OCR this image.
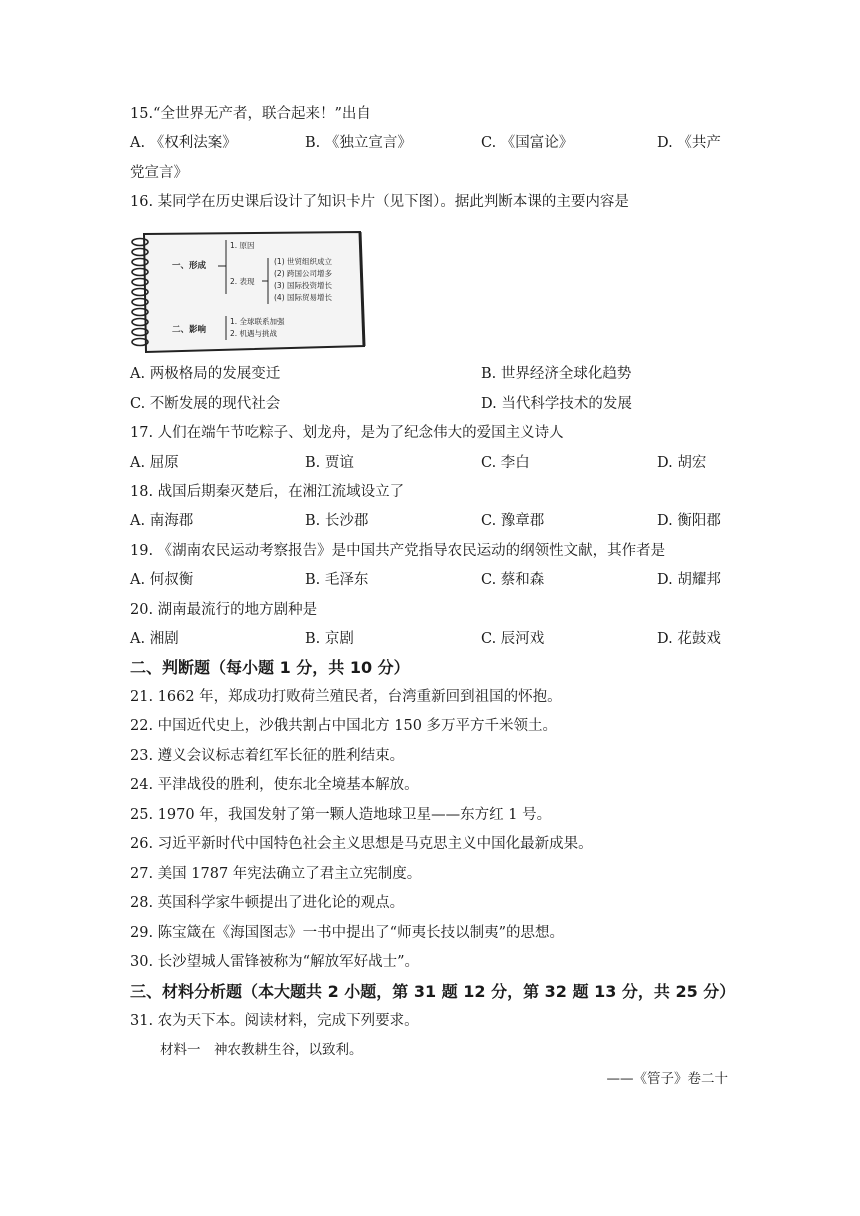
15.“全世界无产者，联合起来！”出自
A. 《权利法案》	B. 《独立宣言》	C. 《国富论》	D. 《共产
党宣言》
16. 某同学在历史课后设计了知识卡片（见下图）。据此判断本课的主要内容是
一、形成
1. 原因
2. 表现
(1) 世贸组织成立
(2) 跨国公司增多
(3) 国际投资增长
(4) 国际贸易增长
二、影响
1. 全球联系加强
2. 机遇与挑战
A. 两极格局的发展变迁	B. 世界经济全球化趋势
C. 不断发展的现代社会	D. 当代科学技术的发展
17. 人们在端午节吃粽子、划龙舟，是为了纪念伟大的爱国主义诗人
A. 屈原	B. 贾谊	C. 李白	D. 胡宏
18. 战国后期秦灭楚后，在湘江流域设立了
A. 南海郡	B. 长沙郡	C. 豫章郡	D. 衡阳郡
19. 《湖南农民运动考察报告》是中国共产党指导农民运动的纲领性文献，其作者是
A. 何叔衡	B. 毛泽东	C. 蔡和森	D. 胡耀邦
20. 湖南最流行的地方剧种是
A. 湘剧	B. 京剧	C. 辰河戏	D. 花鼓戏
二、判断题（每小题 1 分，共 10 分）
21. 1662 年，郑成功打败荷兰殖民者，台湾重新回到祖国的怀抱。
22. 中国近代史上，沙俄共割占中国北方 150 多万平方千米领土。
23. 遵义会议标志着红军长征的胜利结束。
24. 平津战役的胜利，使东北全境基本解放。
25. 1970 年，我国发射了第一颗人造地球卫星——东方红 1 号。
26. 习近平新时代中国特色社会主义思想是马克思主义中国化最新成果。
27. 美国 1787 年宪法确立了君主立宪制度。
28. 英国科学家牛顿提出了进化论的观点。
29. 陈宝箴在《海国图志》一书中提出了“师夷长技以制夷”的思想。
30. 长沙望城人雷锋被称为“解放军好战士”。
三、材料分析题（本大题共 2 小题，第 31 题 12 分，第 32 题 13 分，共 25 分）
31. 农为天下本。阅读材料，完成下列要求。
材料一　神农教耕生谷，以致利。
——《管子》卷二十
